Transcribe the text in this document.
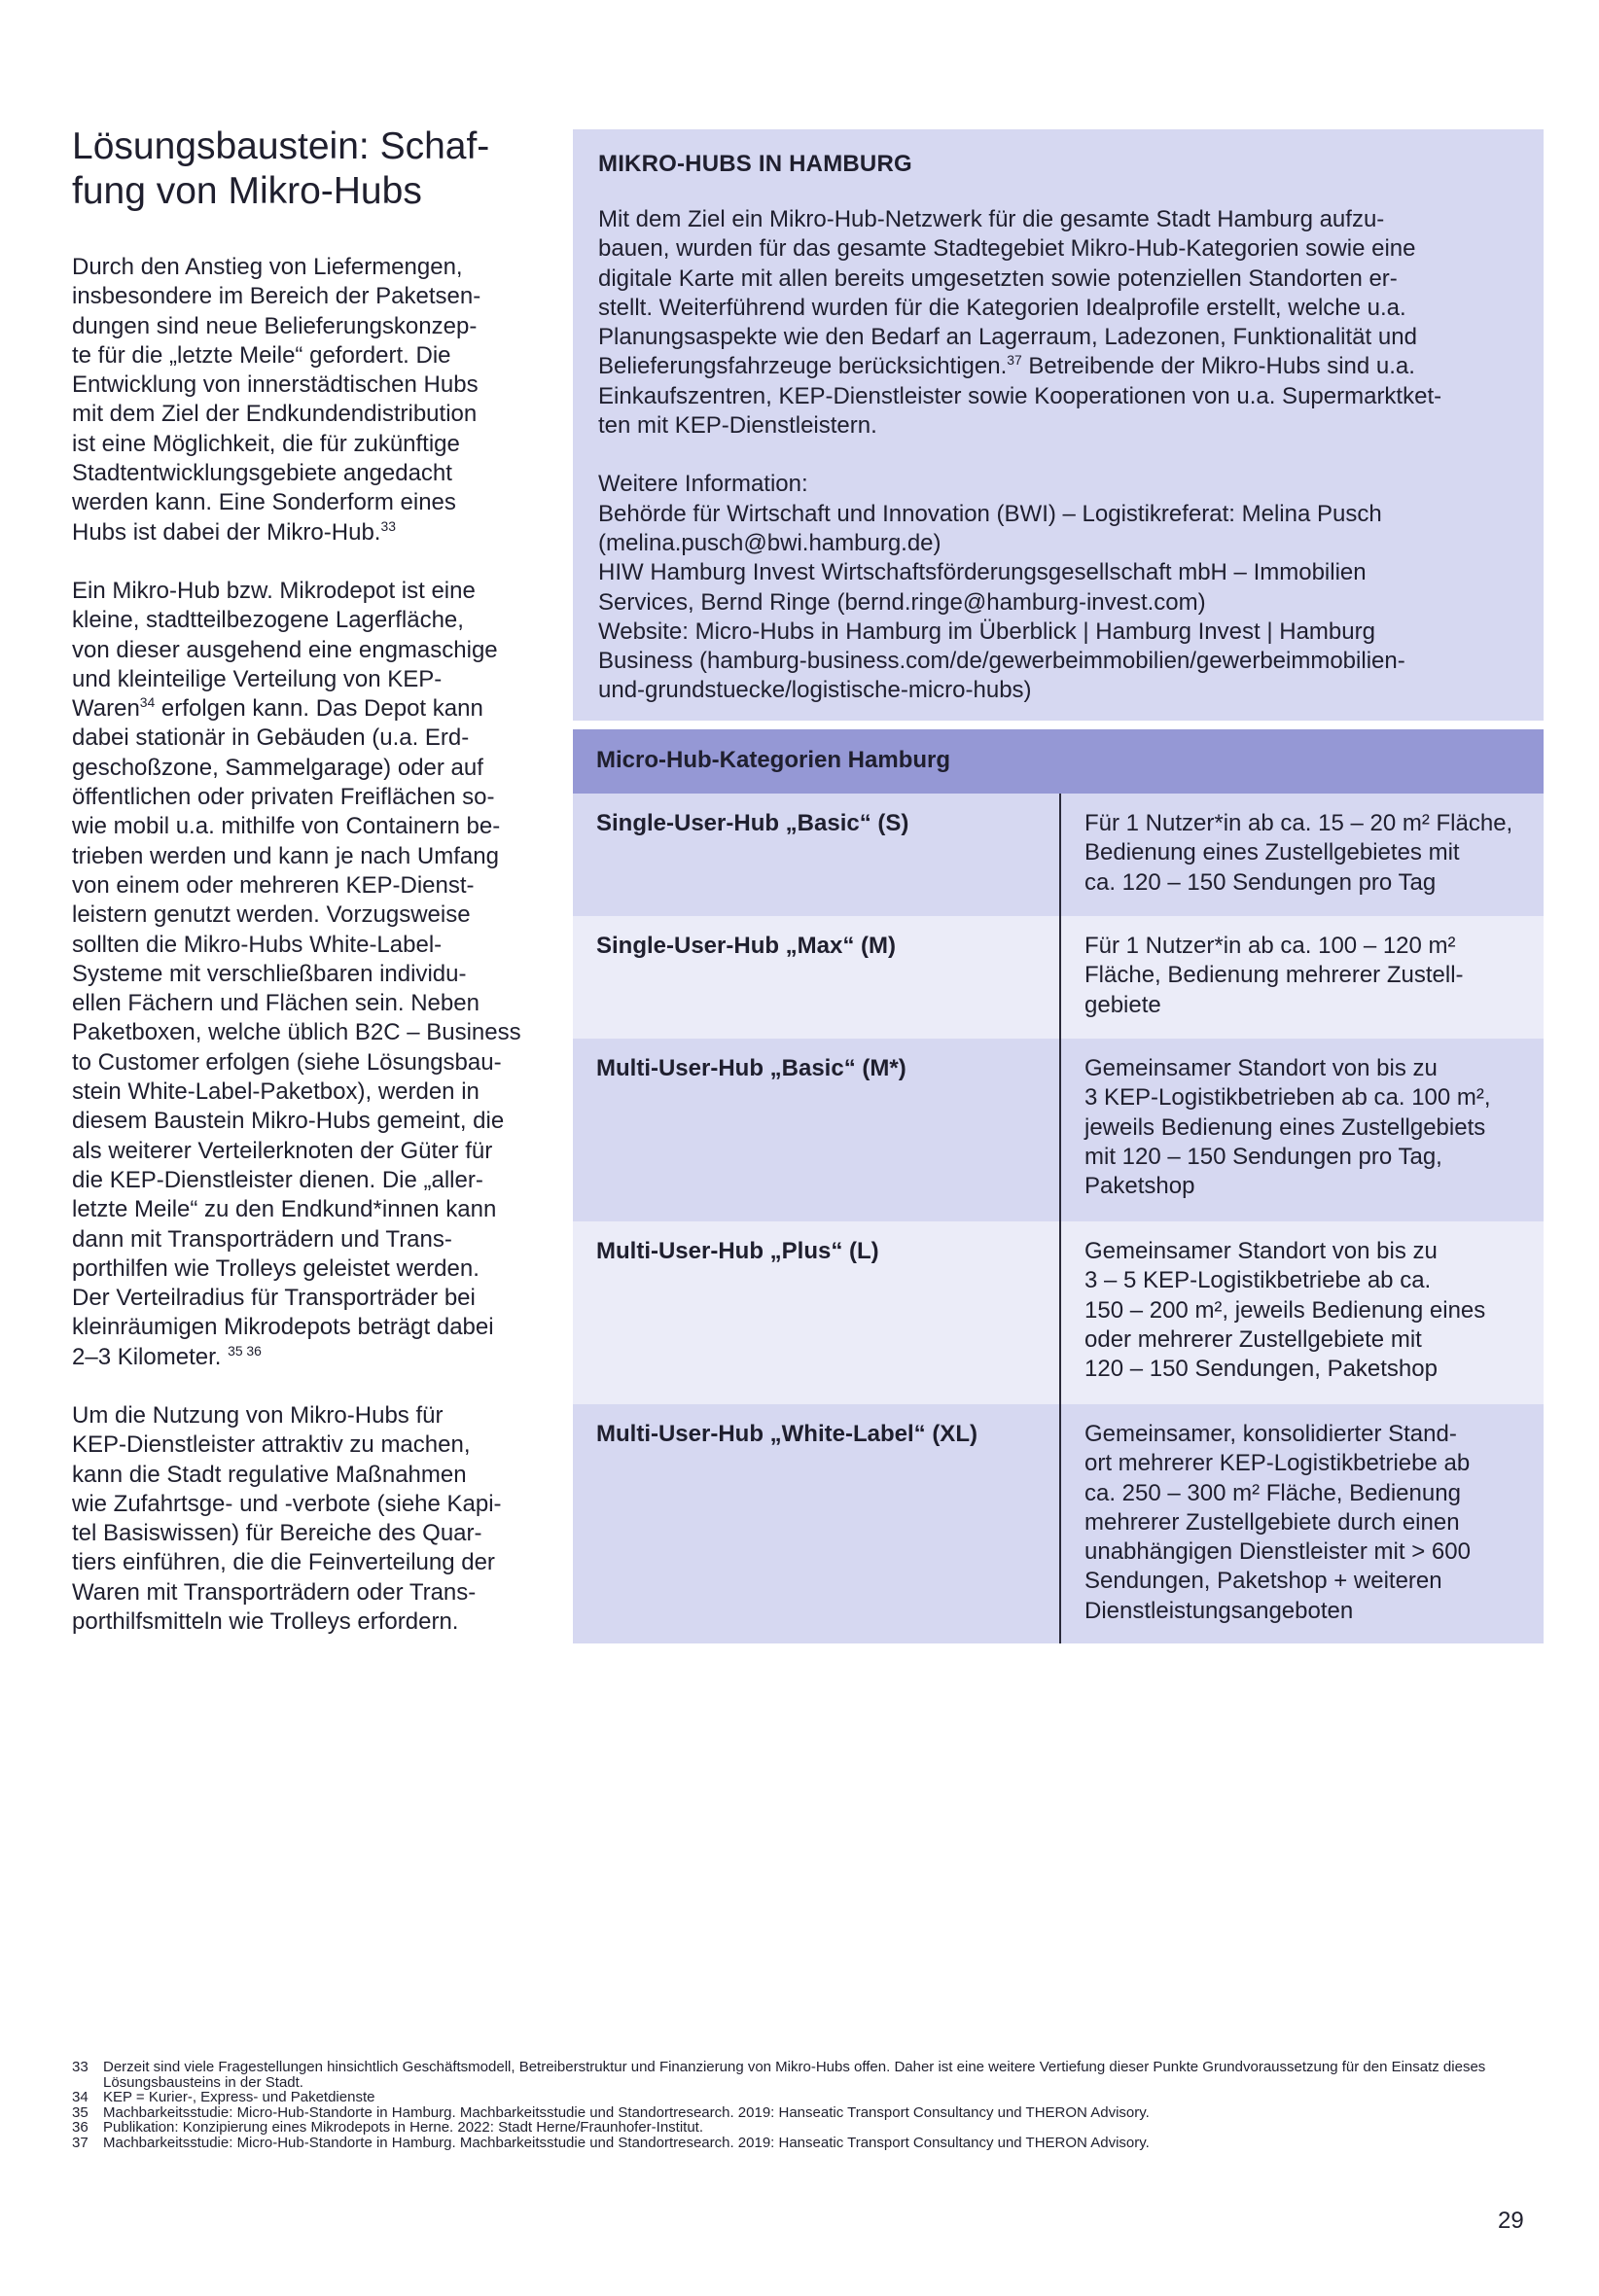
Lösungsbaustein: Schaf-
fung von Mikro-Hubs

Durch den Anstieg von Liefermengen,
insbesondere im Bereich der Paketsen-
dungen sind neue Belieferungskonzep-
te für die „letzte Meile“ gefordert. Die
Entwicklung von innerstädtischen Hubs
mit dem Ziel der Endkundendistribution
ist eine Möglichkeit, die für zukünftige
Stadtentwicklungsgebiete angedacht
werden kann. Eine Sonderform eines
Hubs ist dabei der Mikro-Hub.$^{33}$

Ein Mikro-Hub bzw. Mikrodepot ist eine
kleine, stadtteilbezogene Lagerfläche,
von dieser ausgehend eine engmaschige
und kleinteilige Verteilung von KEP-
Waren$^{34}$ erfolgen kann. Das Depot kann
dabei stationär in Gebäuden (u.a. Erd-
geschoßzone, Sammelgarage) oder auf
öffentlichen oder privaten Freiflächen so-
wie mobil u.a. mithilfe von Containern be-
trieben werden und kann je nach Umfang
von einem oder mehreren KEP-Dienst-
leistern genutzt werden. Vorzugsweise
sollten die Mikro-Hubs White-Label-
Systeme mit verschließbaren individu-
ellen Fächern und Flächen sein. Neben
Paketboxen, welche üblich B2C – Business
to Customer erfolgen (siehe Lösungsbau-
stein White-Label-Paketbox), werden in
diesem Baustein Mikro-Hubs gemeint, die
als weiterer Verteilerknoten der Güter für
die KEP-Dienstleister dienen. Die „aller-
letzte Meile“ zu den Endkund*innen kann
dann mit Transporträdern und Trans-
porthilfen wie Trolleys geleistet werden.
Der Verteilradius für Transporträder bei
kleinräumigen Mikrodepots beträgt dabei
2–3 Kilometer. $^{35 36}$

Um die Nutzung von Mikro-Hubs für
KEP-Dienstleister attraktiv zu machen,
kann die Stadt regulative Maßnahmen
wie Zufahrtsge- und -verbote (siehe Kapi-
tel Basiswissen) für Bereiche des Quar-
tiers einführen, die die Feinverteilung der
Waren mit Transporträdern oder Trans-
porthilfsmitteln wie Trolleys erfordern.

MIKRO-HUBS IN HAMBURG

Mit dem Ziel ein Mikro-Hub-Netzwerk für die gesamte Stadt Hamburg aufzu-
bauen, wurden für das gesamte Stadtegebiet Mikro-Hub-Kategorien sowie eine
digitale Karte mit allen bereits umgesetzten sowie potenziellen Standorten er-
stellt. Weiterführend wurden für die Kategorien Idealprofile erstellt, welche u.a.
Planungsaspekte wie den Bedarf an Lagerraum, Ladezonen, Funktionalität und
Belieferungsfahrzeuge berücksichtigen.$^{37}$ Betreibende der Mikro-Hubs sind u.a.
Einkaufszentren, KEP-Dienstleister sowie Kooperationen von u.a. Supermarktket-
ten mit KEP-Dienstleistern.

Weitere Information:
Behörde für Wirtschaft und Innovation (BWI) – Logistikreferat: Melina Pusch
(melina.pusch@bwi.hamburg.de)
HIW Hamburg Invest Wirtschaftsförderungsgesellschaft mbH – Immobilien
Services, Bernd Ringe (bernd.ringe@hamburg-invest.com)
Website: Micro-Hubs in Hamburg im Überblick | Hamburg Invest | Hamburg
Business (hamburg-business.com/de/gewerbeimmobilien/gewerbeimmobilien-
und-grundstuecke/logistische-micro-hubs)

Micro-Hub-Kategorien Hamburg
Single-User-Hub „Basic“ (S)	Für 1 Nutzer*in ab ca. 15 – 20 m² Fläche,
Bedienung eines Zustellgebietes mit
ca. 120 – 150 Sendungen pro Tag
Single-User-Hub „Max“ (M)	Für 1 Nutzer*in ab ca. 100 – 120 m²
Fläche, Bedienung mehrerer Zustell-
gebiete
Multi-User-Hub „Basic“ (M*)	Gemeinsamer Standort von bis zu
3 KEP-Logistikbetrieben ab ca. 100 m²,
jeweils Bedienung eines Zustellgebiets
mit 120 – 150 Sendungen pro Tag,
Paketshop
Multi-User-Hub „Plus“ (L)	Gemeinsamer Standort von bis zu
3 – 5 KEP-Logistikbetriebe ab ca.
150 – 200 m², jeweils Bedienung eines
oder mehrerer Zustellgebiete mit
120 – 150 Sendungen, Paketshop
Multi-User-Hub „White-Label“ (XL)	Gemeinsamer, konsolidierter Stand-
ort mehrerer KEP-Logistikbetriebe ab
ca. 250 – 300 m² Fläche, Bedienung
mehrerer Zustellgebiete durch einen
unabhängigen Dienstleister mit > 600
Sendungen, Paketshop + weiteren
Dienstleistungsangeboten
33	Derzeit sind viele Fragestellungen hinsichtlich Geschäftsmodell, Betreiberstruktur und Finanzierung von Mikro-Hubs offen. Daher ist eine weitere Vertiefung dieser Punkte Grundvoraussetzung für den Einsatz dieses Lösungsbausteins in der Stadt.
34	KEP = Kurier-, Express- und Paketdienste
35	Machbarkeitsstudie: Micro-Hub-Standorte in Hamburg. Machbarkeitsstudie und Standortresearch. 2019: Hanseatic Transport Consultancy und THERON Advisory.
36	Publikation: Konzipierung eines Mikrodepots in Herne. 2022: Stadt Herne/Fraunhofer-Institut.
37	Machbarkeitsstudie: Micro-Hub-Standorte in Hamburg. Machbarkeitsstudie und Standortresearch. 2019: Hanseatic Transport Consultancy und THERON Advisory.
29
